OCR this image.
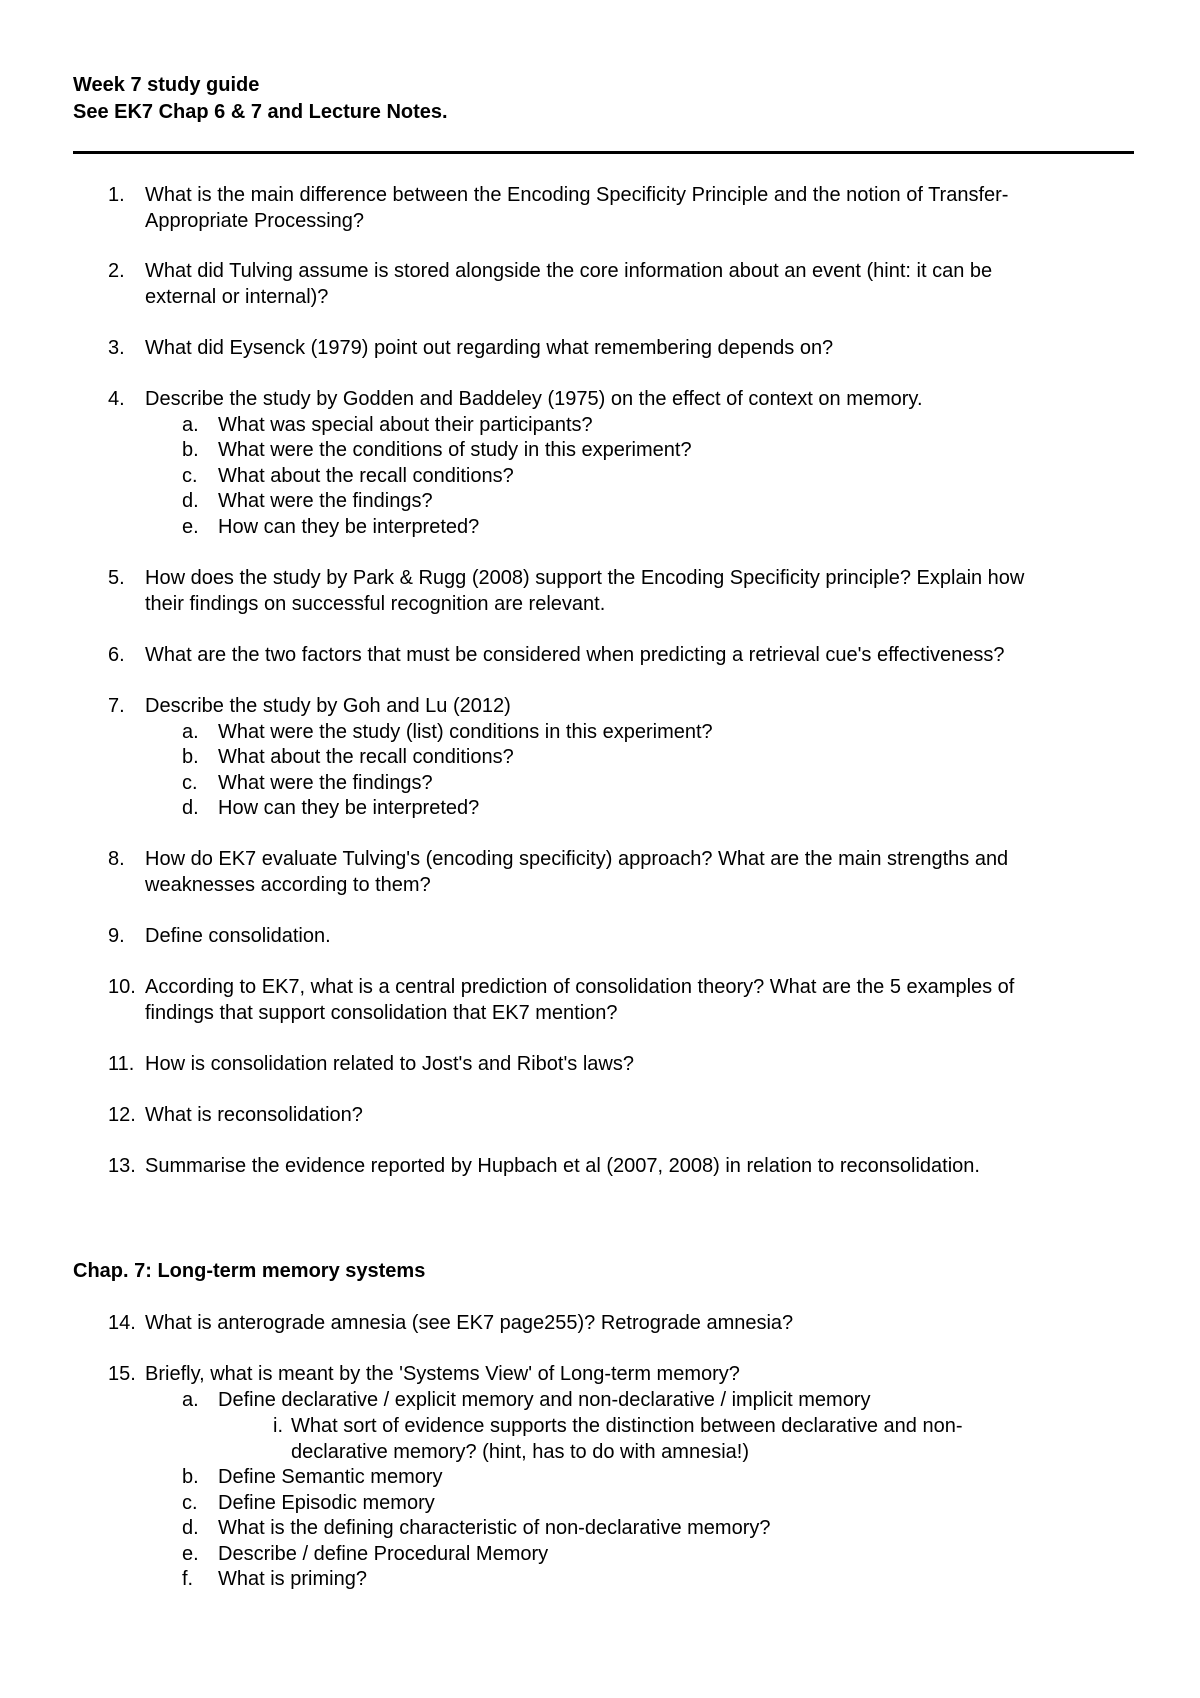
Week 7 study guide
See EK7 Chap 6 & 7 and Lecture Notes.
1.	What is the main difference between the Encoding Specificity Principle and the notion of Transfer-
Appropriate Processing?
2.	What did Tulving assume is stored alongside the core information about an event (hint: it can be
external or internal)?
3.	What did Eysenck (1979) point out regarding what remembering depends on?
4.	Describe the study by Godden and Baddeley (1975) on the effect of context on memory.
a. What was special about their participants?
b. What were the conditions of study in this experiment?
c.	What about the recall conditions?
d. What were the findings?
e. How can they be interpreted?
5.	How does the study by Park & Rugg (2008) support the Encoding Specificity principle? Explain how
their findings on successful recognition are relevant.
6.	What are the two factors that must be considered when predicting a retrieval cue's effectiveness?
7.	Describe the study by Goh and Lu (2012)
a. What were the study (list) conditions in this experiment?
b. What about the recall conditions?
c.	What were the findings?
d. How can they be interpreted?
8.	How do EK7 evaluate Tulving's (encoding specificity) approach? What are the main strengths and
weaknesses according to them?
9.	Define consolidation.
10. According to EK7, what is a central prediction of consolidation theory? What are the 5 examples of
findings that support consolidation that EK7 mention?
11. How is consolidation related to Jost's and Ribot's laws?
12. What is reconsolidation?
13. Summarise the evidence reported by Hupbach et al (2007, 2008) in relation to reconsolidation.
Chap. 7: Long-term memory systems
14. What is anterograde amnesia (see EK7 page255)? Retrograde amnesia?
15. Briefly, what is meant by the 'Systems View' of Long-term memory?
a. Define declarative / explicit memory and non-declarative / implicit memory
i. What sort of evidence supports the distinction between declarative and non-
declarative memory? (hint, has to do with amnesia!)
b. Define Semantic memory
c.	Define Episodic memory
d. What is the defining characteristic of non-declarative memory?
e. Describe / define Procedural Memory
f.	What is priming?
